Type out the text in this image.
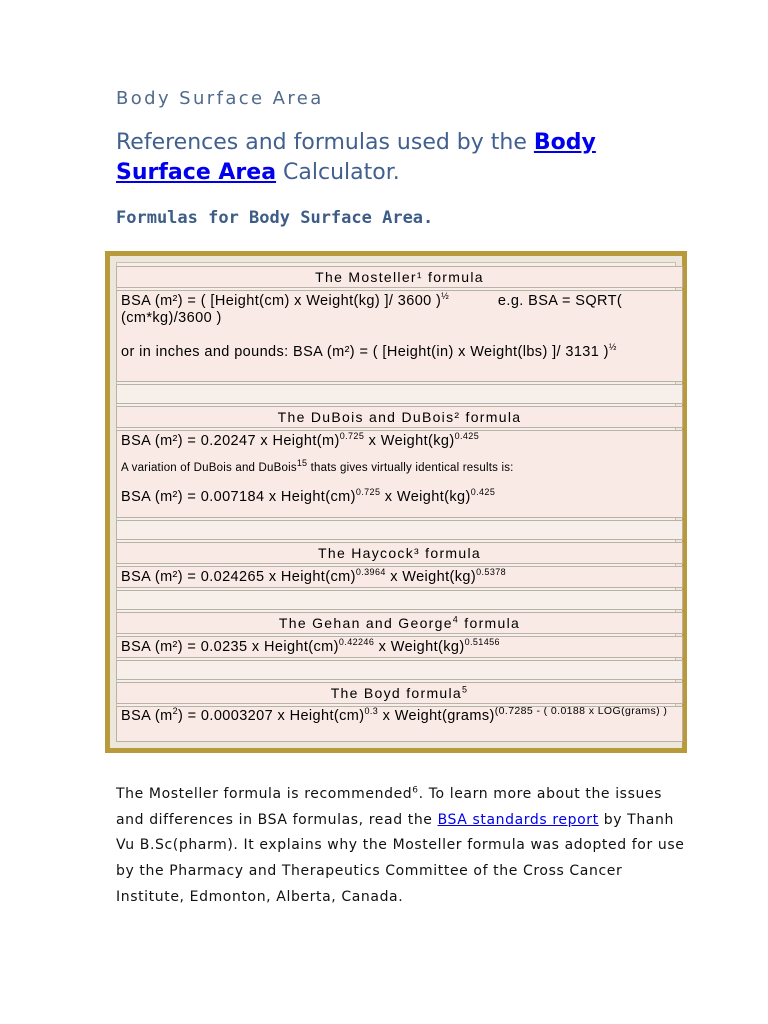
Body Surface Area
References and formulas used by the Body Surface Area Calculator.
Formulas for Body Surface Area.
The Mosteller¹ formula

BSA (m²) = ( [Height(cm) x Weight(kg) ]/ 3600 )$^{\frac{1}{2}}$	e.g. BSA = SQRT( (cm*kg)/3600 )

or in inches and pounds: BSA (m²) = ( [Height(in) x Weight(lbs) ]/ 3131 )$^{\frac{1}{2}}$

The DuBois and DuBois² formula

BSA (m²) = 0.20247 x $Height(m)^{0.725}$ x Weight(kg)$^{0.425}$

A variation of DuBois and DuBois$^{15}$ thats gives virtually identical results is:

BSA (m²) = 0.007184 x Height(cm)$^{0.725}$ x Weight(kg)$^{0.425}$

The Haycock³ formula

BSA (m²) = 0.024265 x Height(cm)$^{0.3964}$ x Weight(kg)$^{0.5378}$

The Gehan and George$^4$ formula

BSA (m²) = 0.0235 x Height(cm)$^{0.42246}$ x Weight(kg)$^{0.51456}$

The Boyd formula$^5$

BSA $(m^2) = 0.0003207$ x Height(cm)$^{0.3}$ x Weight(grams)$^{(0.7285 - ( 0.0188 x LOG(grams) )}$

The Mosteller formula is recommended$^6$. To learn more about the issues and differences in BSA formulas, read the BSA standards report by Thanh Vu B.Sc(pharm). It explains why the Mosteller formula was adopted for use by the Pharmacy and Therapeutics Committee of the Cross Cancer Institute, Edmonton, Alberta, Canada.
